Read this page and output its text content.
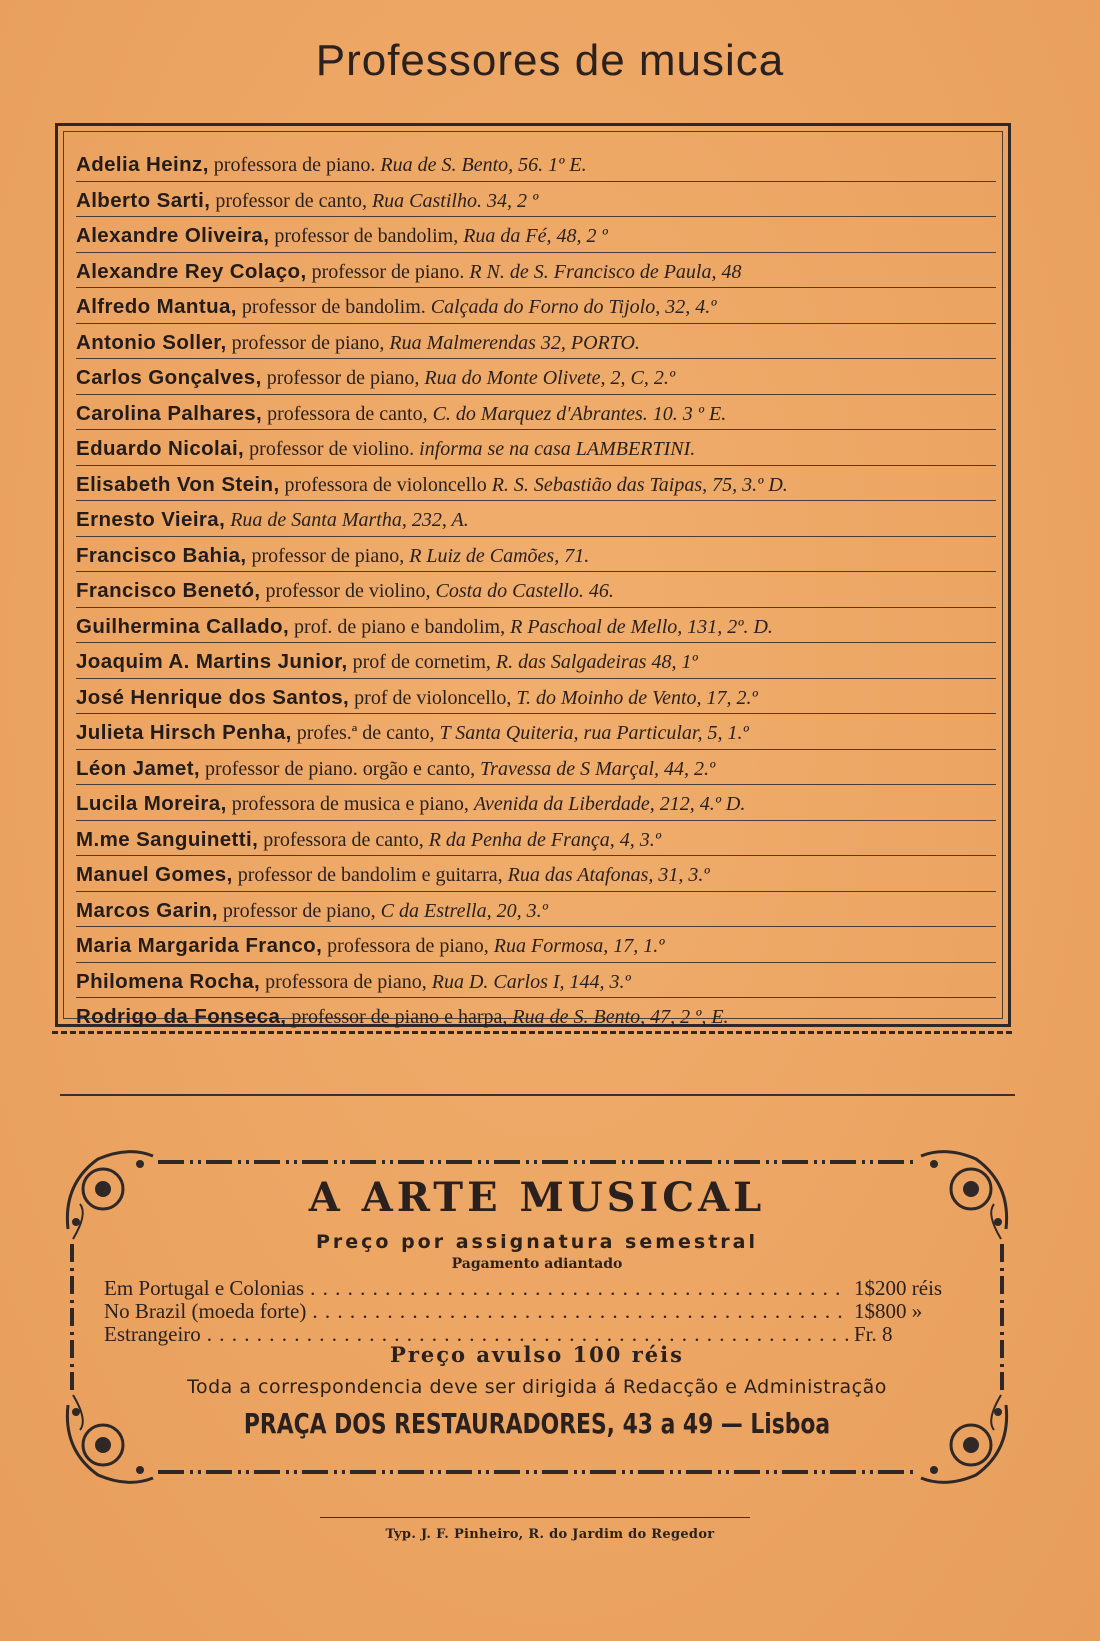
Professores de musica
Adelia Heinz, professora de piano. Rua de S. Bento, 56. 1º E.
Alberto Sarti, professor de canto, Rua Castilho. 34, 2 º
Alexandre Oliveira, professor de bandolim, Rua da Fé, 48, 2 º
Alexandre Rey Colaço, professor de piano. R N. de S. Francisco de Paula, 48
Alfredo Mantua, professor de bandolim. Calçada do Forno do Tijolo, 32, 4.º
Antonio Soller, professor de piano, Rua Malmerendas 32, PORTO.
Carlos Gonçalves, professor de piano, Rua do Monte Olivete, 2, C, 2.º
Carolina Palhares, professora de canto, C. do Marquez d'Abrantes. 10. 3 º E.
Eduardo Nicolai, professor de violino. informa se na casa LAMBERTINI.
Elisabeth Von Stein, professora de violoncello R. S. Sebastião das Taipas, 75, 3.º D.
Ernesto Vieira, Rua de Santa Martha, 232, A.
Francisco Bahia, professor de piano, R Luiz de Camões, 71.
Francisco Benetó, professor de violino, Costa do Castello. 46.
Guilhermina Callado, prof. de piano e bandolim, R Paschoal de Mello, 131, 2º. D.
Joaquim A. Martins Junior, prof de cornetim, R. das Salgadeiras 48, 1º
José Henrique dos Santos, prof de violoncello, T. do Moinho de Vento, 17, 2.º
Julieta Hirsch Penha, profes.ª de canto, T Santa Quiteria, rua Particular, 5, 1.º
Léon Jamet, professor de piano. orgão e canto, Travessa de S Marçal, 44, 2.º
Lucila Moreira, professora de musica e piano, Avenida da Liberdade, 212, 4.º D.
M.me Sanguinetti, professora de canto, R da Penha de França, 4, 3.º
Manuel Gomes, professor de bandolim e guitarra, Rua das Atafonas, 31, 3.º
Marcos Garin, professor de piano, C da Estrella, 20, 3.º
Maria Margarida Franco, professora de piano, Rua Formosa, 17, 1.º
Philomena Rocha, professora de piano, Rua D. Carlos I, 144, 3.º
Rodrigo da Fonseca, professor de piano e harpa, Rua de S. Bento, 47, 2 º, E.
A ARTE MUSICAL
Preço por assignatura semestral
Pagamento adiantado
Em Portugal e Colonias . . .	1$200 réis
No Brazil (moeda forte) . . .	1$800 »
Estrangeiro . . .	Fr. 8
Preço avulso 100 réis
Toda a correspondencia deve ser dirigida á Redacção e Administração
PRAÇA DOS RESTAURADORES, 43 a 49 — Lisboa
Typ. J. F. Pinheiro, R. do Jardim do Regedor
